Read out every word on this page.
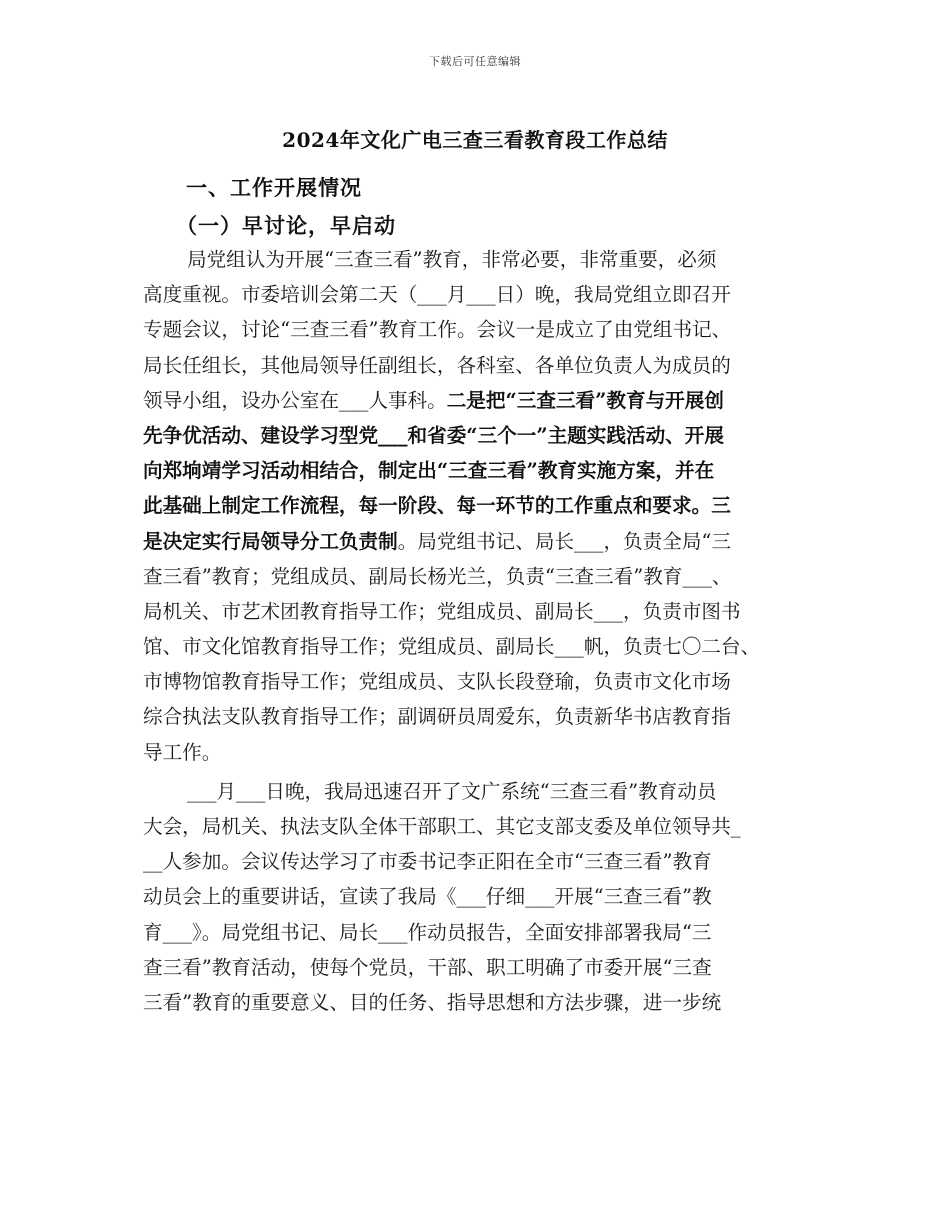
下载后可任意编辑
2024年文化广电三查三看教育段工作总结
一、工作开展情况
（一）早讨论，早启动
局党组认为开展“三查三看”教育，非常必要，非常重要，必须
高度重视。市委培训会第二天（___月___日）晚，我局党组立即召开
专题会议，讨论“三查三看”教育工作。会议一是成立了由党组书记、
局长任组长，其他局领导任副组长，各科室、各单位负责人为成员的
领导小组，设办公室在___人事科。二是把“三查三看”教育与开展创
先争优活动、建设学习型党___和省委“三个一”主题实践活动、开展
向郑垧靖学习活动相结合，制定出“三查三看”教育实施方案，并在
此基础上制定工作流程，每一阶段、每一环节的工作重点和要求。三
是决定实行局领导分工负责制。局党组书记、局长___，负责全局“三
查三看”教育；党组成员、副局长杨光兰，负责“三查三看”教育___、
局机关、市艺术团教育指导工作；党组成员、副局长___，负责市图书
馆、市文化馆教育指导工作；党组成员、副局长___帆，负责七〇二台、
市博物馆教育指导工作；党组成员、支队长段登瑜，负责市文化市场
综合执法支队教育指导工作；副调研员周爱东，负责新华书店教育指
导工作。
___月___日晚，我局迅速召开了文广系统“三查三看”教育动员
大会，局机关、执法支队全体干部职工、其它支部支委及单位领导共_
__人参加。会议传达学习了市委书记李正阳在全市“三查三看”教育
动员会上的重要讲话，宣读了我局《___仔细___开展“三查三看”教
育___》。局党组书记、局长___作动员报告，全面安排部署我局“三
查三看”教育活动，使每个党员，干部、职工明确了市委开展“三查
三看”教育的重要意义、目的任务、指导思想和方法步骤，进一步统
